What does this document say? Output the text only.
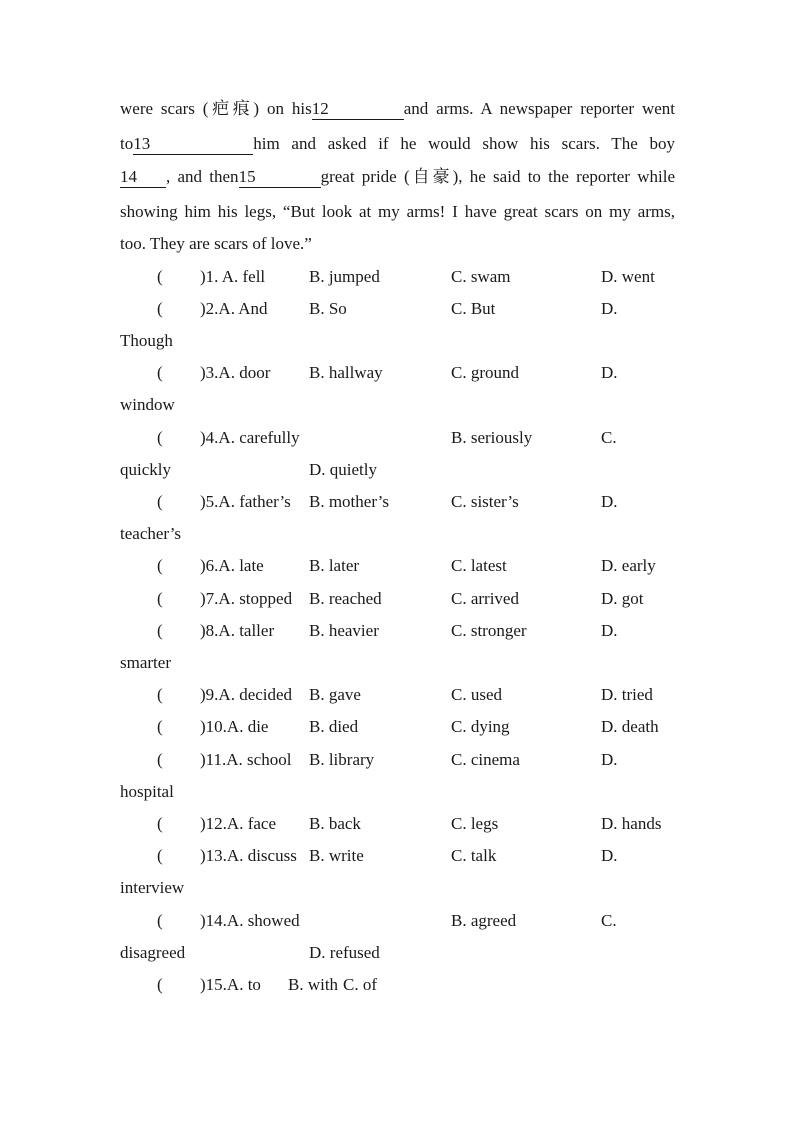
were scars (疤痕) on his12	and arms. A newspaper reporter went
to13	him and asked if he would show his scars. The boy
14 , and then15	great pride (自豪), he said to the reporter while
showing him his legs, “But look at my arms! I have great scars on my arms,
too. They are scars of love.”
( )1. A. fell	B. jumped	C. swam	D. went
( )2.A. And B. So	C. But	D.
Though
( )3.A. door B. hallway	C. ground	D.
window
( )4.A. carefully	B. seriously	C.
quickly	D. quietly
( )5.A. father’s B. mother’s	C. sister’s	D.
teacher’s
( )6.A. late	B. later	C. latest	D. early
( )7.A. stopped B. reached	C. arrived	D. got
( )8.A. taller B. heavier	C. stronger	D.
smarter
( )9.A. decided B. gave	C. used	D. tried
( )10.A. die B. died	C. dying	D. death
( )11.A. school B. library	C. cinema	D.
hospital
( )12.A. face B. back	C. legs	D. hands
( )13.A. discuss B. write	C. talk	D.
interview
( )14.A. showed	B. agreed	C.
disagreed	D. refused
( )15.A. to B. with C. of
